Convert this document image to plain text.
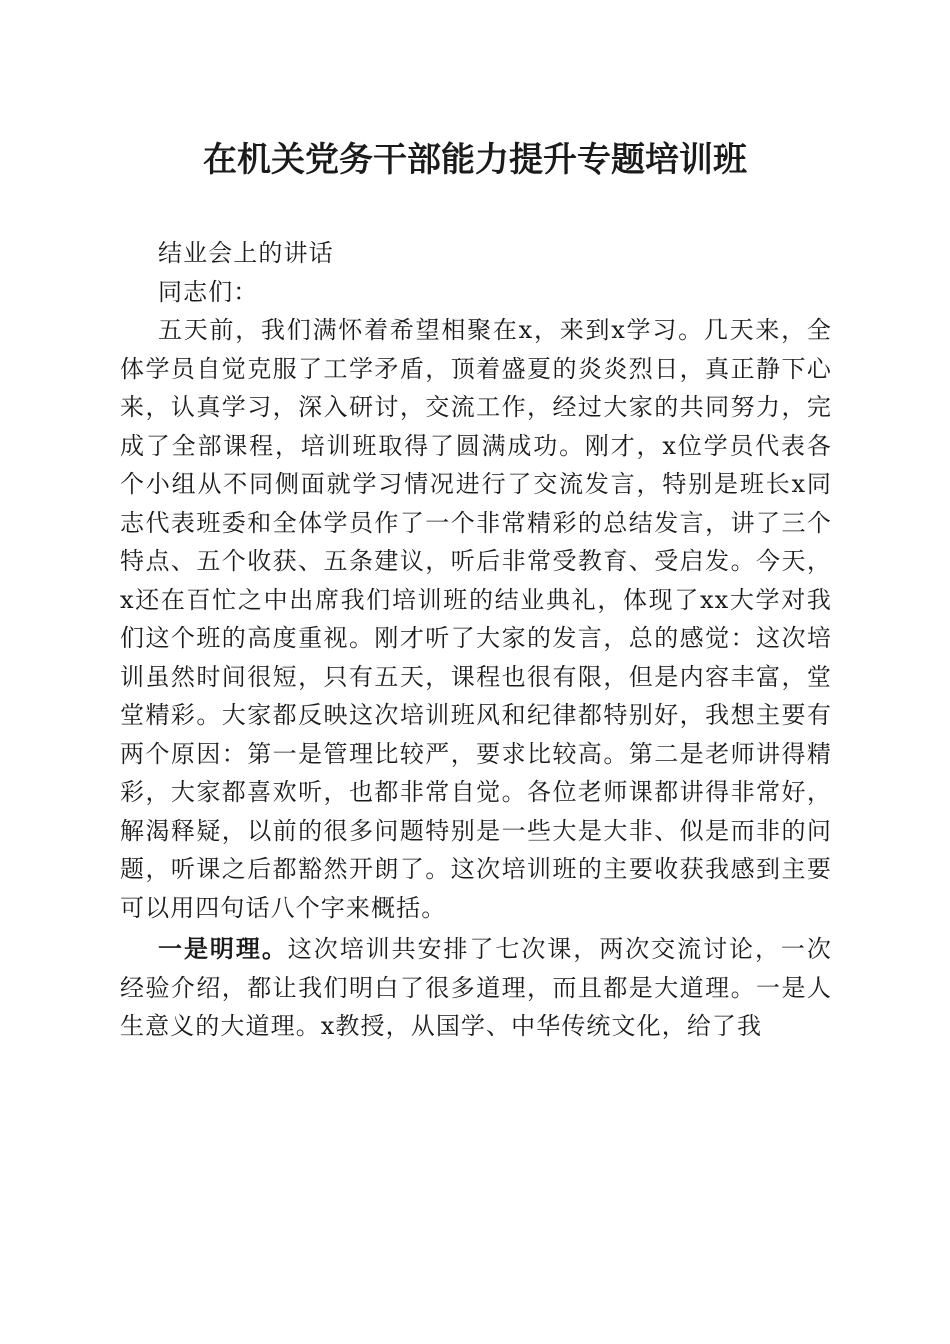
在机关党务干部能力提升专题培训班

结业会上的讲话

同志们：

五天前，我们满怀着希望相聚在x，来到x学习。几天来，全体学员自觉克服了工学矛盾，顶着盛夏的炎炎烈日，真正静下心来，认真学习，深入研讨，交流工作，经过大家的共同努力，完成了全部课程，培训班取得了圆满成功。刚才，x位学员代表各个小组从不同侧面就学习情况进行了交流发言，特别是班长x同志代表班委和全体学员作了一个非常精彩的总结发言，讲了三个特点、五个收获、五条建议，听后非常受教育、受启发。今天，x还在百忙之中出席我们培训班的结业典礼，体现了xx大学对我们这个班的高度重视。刚才听了大家的发言，总的感觉：这次培训虽然时间很短，只有五天，课程也很有限，但是内容丰富，堂堂精彩。大家都反映这次培训班风和纪律都特别好，我想主要有两个原因：第一是管理比较严，要求比较高。第二是老师讲得精彩，大家都喜欢听，也都非常自觉。各位老师课都讲得非常好，解渴释疑，以前的很多问题特别是一些大是大非、似是而非的问题，听课之后都豁然开朗了。这次培训班的主要收获我感到主要可以用四句话八个字来概括。

一是明理。这次培训共安排了七次课，两次交流讨论，一次经验介绍，都让我们明白了很多道理，而且都是大道理。一是人生意义的大道理。x教授，从国学、中华传统文化，给了我
